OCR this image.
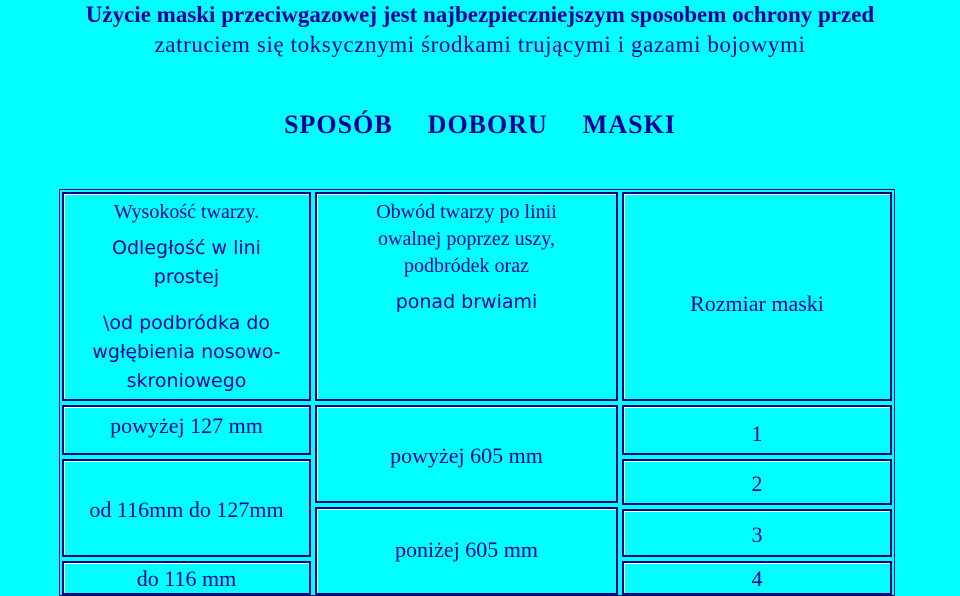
Użycie maski przeciwgazowej jest najbezpieczniejszym sposobem ochrony przed
zatruciem się toksycznymi środkami trującymi i gazami bojowymi
SPOSÓB  DOBORU  MASKI
Wysokość twarzy.
Odległość w lini
prostej
\od podbródka do
wgłębienia nosowo-
skroniowego
Obwód twarzy po linii
owalnej poprzez uszy,
podbródek oraz
ponad brwiami	Rozmiar maski
powyżej 127 mm
od 116mm do 127mm
do 116 mm
powyżej 605 mm
poniżej 605 mm
1
2
3
4
